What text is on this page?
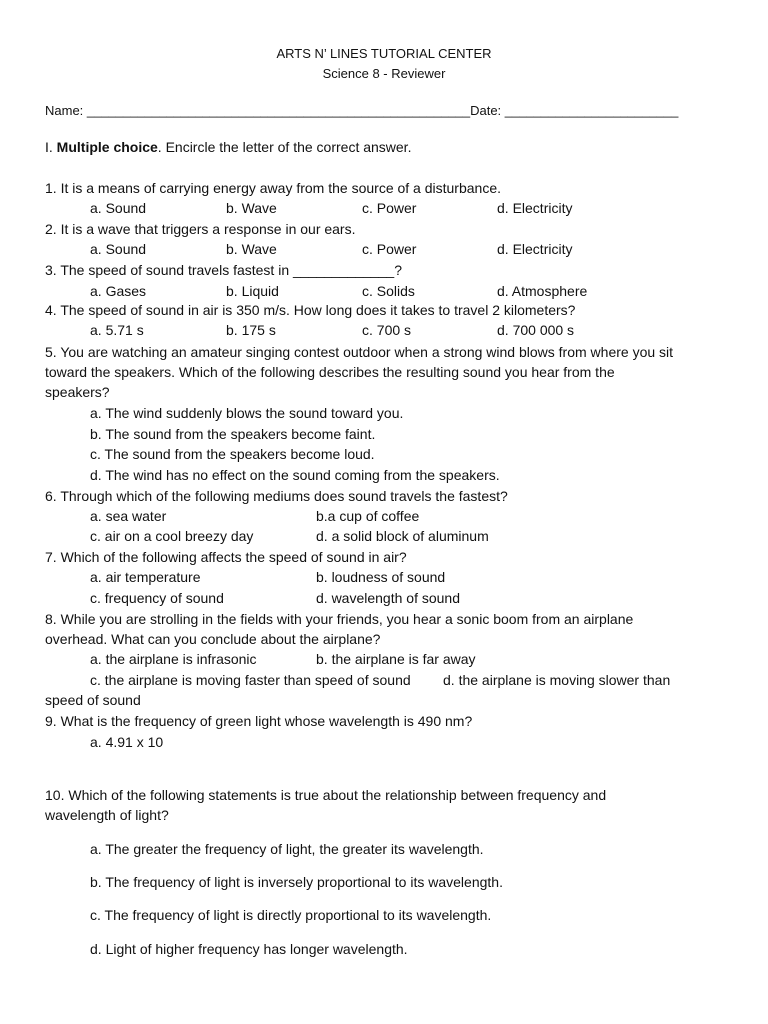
ARTS N’ LINES TUTORIAL CENTER
Science 8 - Reviewer
Name: _____________________________________________________Date: ________________________
I. Multiple choice. Encircle the letter of the correct answer.
1. It is a means of carrying energy away from the source of a disturbance.
a. Sound	b. Wave	c. Power	d. Electricity
2. It is a wave that triggers a response in our ears.
a. Sound	b. Wave	c. Power	d. Electricity
3. The speed of sound travels fastest in _____________?
a. Gases	b. Liquid	c. Solids	d. Atmosphere
4. The speed of sound in air is 350 m/s. How long does it takes to travel 2 kilometers?
a. 5.71 s	b. 175 s	c. 700 s	d. 700 000 s
5. You are watching an amateur singing contest outdoor when a strong wind blows from where you sit
toward the speakers. Which of the following describes the resulting sound you hear from the
speakers?
a. The wind suddenly blows the sound toward you.
b. The sound from the speakers become faint.
c. The sound from the speakers become loud.
d. The wind has no effect on the sound coming from the speakers.
6. Through which of the following mediums does sound travels the fastest?
a. sea water	b.a cup of coffee
c. air on a cool breezy day	d. a solid block of aluminum
7. Which of the following affects the speed of sound in air?
a. air temperature	b. loudness of sound
c. frequency of sound	d. wavelength of sound
8. While you are strolling in the fields with your friends, you hear a sonic boom from an airplane
overhead. What can you conclude about the airplane?
a. the airplane is infrasonic	b. the airplane is far away
c. the airplane is moving faster than speed of sound d. the airplane is moving slower than
speed of sound
9. What is the frequency of green light whose wavelength is 490 nm?
a. 4.91 x 10
10. Which of the following statements is true about the relationship between frequency and
wavelength of light?
a. The greater the frequency of light, the greater its wavelength.
b. The frequency of light is inversely proportional to its wavelength.
c. The frequency of light is directly proportional to its wavelength.
d. Light of higher frequency has longer wavelength.
